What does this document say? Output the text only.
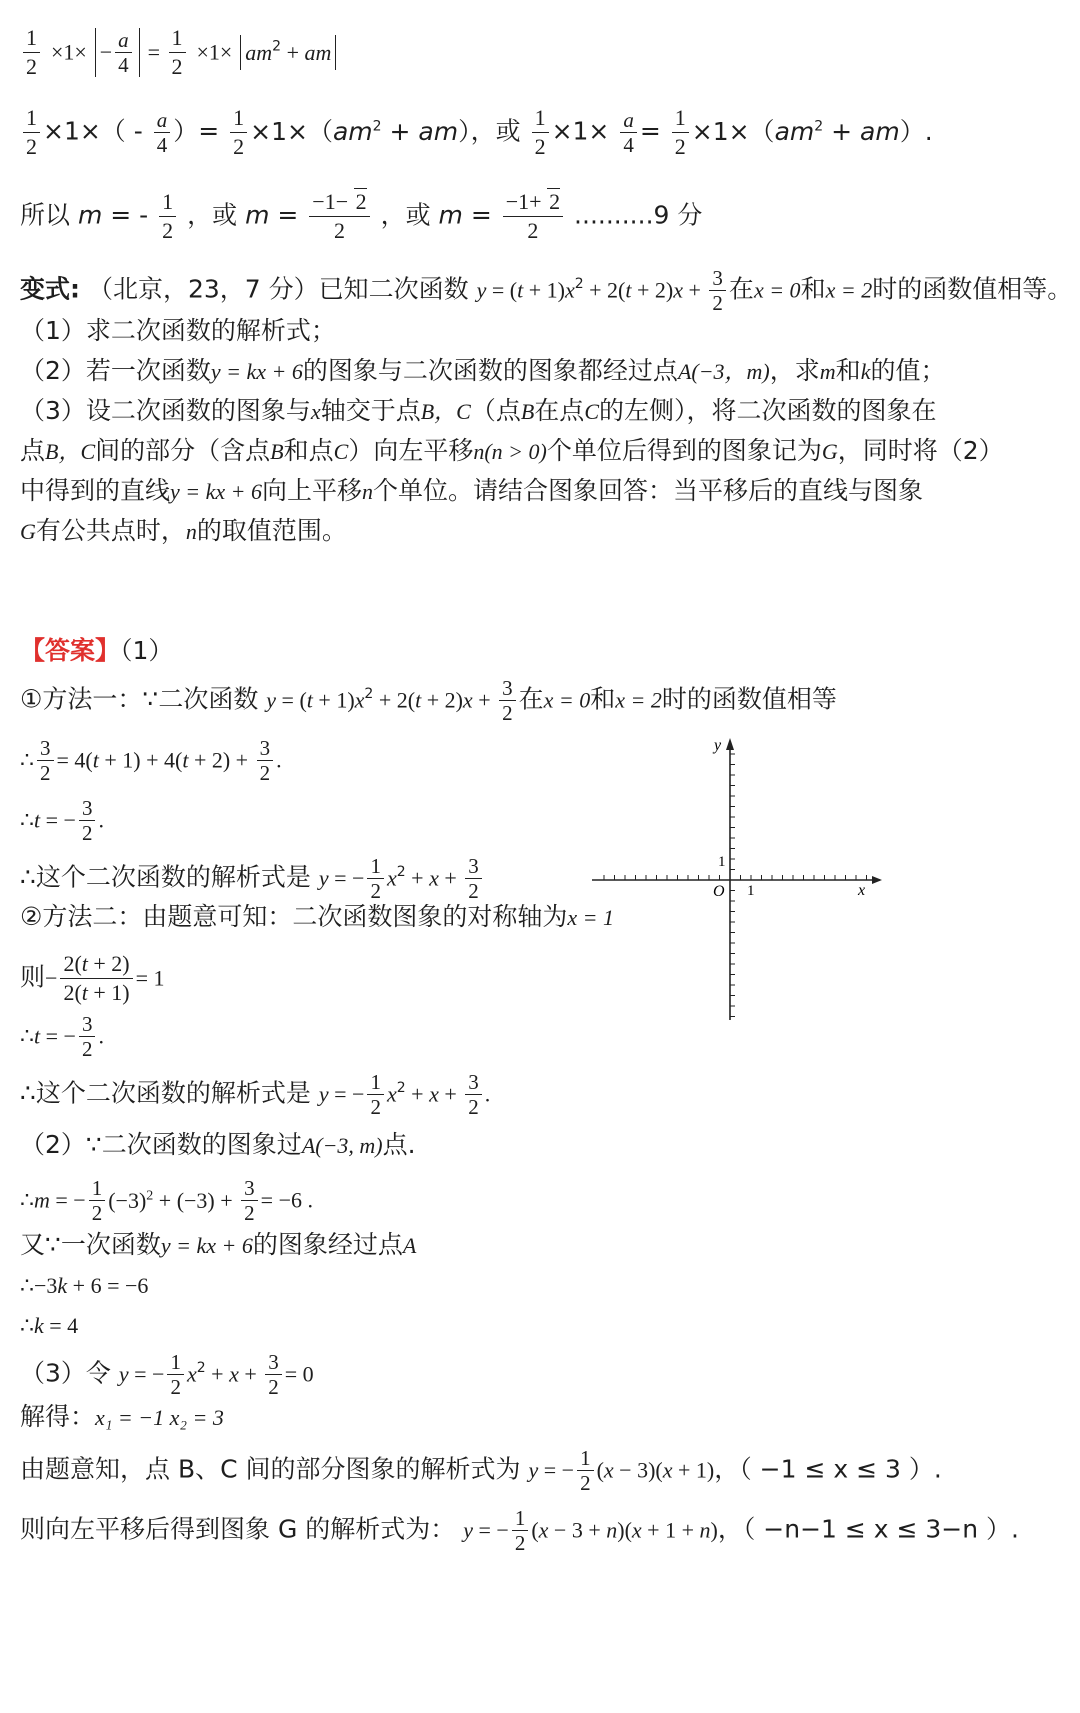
$\frac{1}{2} \times 1\times - \frac{a}{4} = \frac{1}{2} \times 1\times am^2$ + am
$\frac{1}{2} \times 1\times( - \frac{a}{4}$ ）= $\frac{1}{2} \times 1\times(am^2 + am)$，或 $\frac{1}{2} \times 1\times \frac{a}{4} = \frac{1}{2} \times 1\times(am^2 + am)$.
所以 m = - $\frac{1}{2}$ ，或 $m = \frac{-1- 2}{2}$ ，或 $m = \frac{-1+ 2}{2} ..........9$ 分
变式: （北京，23，7 分）已知二次函数 $y = (t + 1)x^2 + 2(t + 2)x + \frac{3}{2}$ 在x = 0和x = 2时的函数值相等。
（1）求二次函数的解析式；
（2）若一次函数y = kx + 6的图象与二次函数的图象都经过点A(−3，m)，求m和k的值；
（3）设二次函数的图象与x轴交于点B，C（点B在点C的左侧），将二次函数的图象在
点B，C间的部分（含点B和点C）向左平移n(n > 0)个单位后得到的图象记为G，同时将（2）
中得到的直线y = kx + 6向上平移n个单位。请结合图象回答：当平移后的直线与图象
G有公共点时，n的取值范围。
【答案】（1）
①方法一：∵二次函数 $y = (t + 1)x^2 + 2(t + 2)x + \frac{3}{2}$ 在x = 0和x = 2时的函数值相等
∴ $\frac{3}{2} = 4(t + 1) + 4(t + 2) + \frac{3}{2}$ .
∴t = − $\frac{3}{2}$ .
∴这个二次函数的解析式是 y = − $\frac{1}{2} x^2 + x + \frac{3}{2}$
②方法二：由题意可知：二次函数图象的对称轴为x = 1
则− $\frac{2(t + 2)}{2(t + 1)} = 1$
∴t = − $\frac{3}{2}$ .
∴这个二次函数的解析式是 y = − $\frac{1}{2} x^2 + x + \frac{3}{2}$ .
（2）∵二次函数的图象过A(−3, m)点.
∴m = − $\frac{1}{2} (-3)^2 + (-3) + \frac{3}{2} = -6$ .
又∵一次函数y = kx + 6的图象经过点A
∴−3k + 6 = −6
∴k = 4
（3）令 y = − $\frac{1}{2} x^2 + x + \frac{3}{2} = 0$
解得：x₁ = −1 x₂ = 3
由题意知，点 B、C 间的部分图象的解析式为 y = − $\frac{1}{2} (x - 3)(x + 1)$，（ −1 ≤ x ≤ 3 ）.
则向左平移后得到图象 G 的解析式为： y = − $\frac{1}{2} (x - 3 + n)(x + 1 + n)$，（ −n−1 ≤ x ≤ 3−n ）.
x
y
O 1
1
